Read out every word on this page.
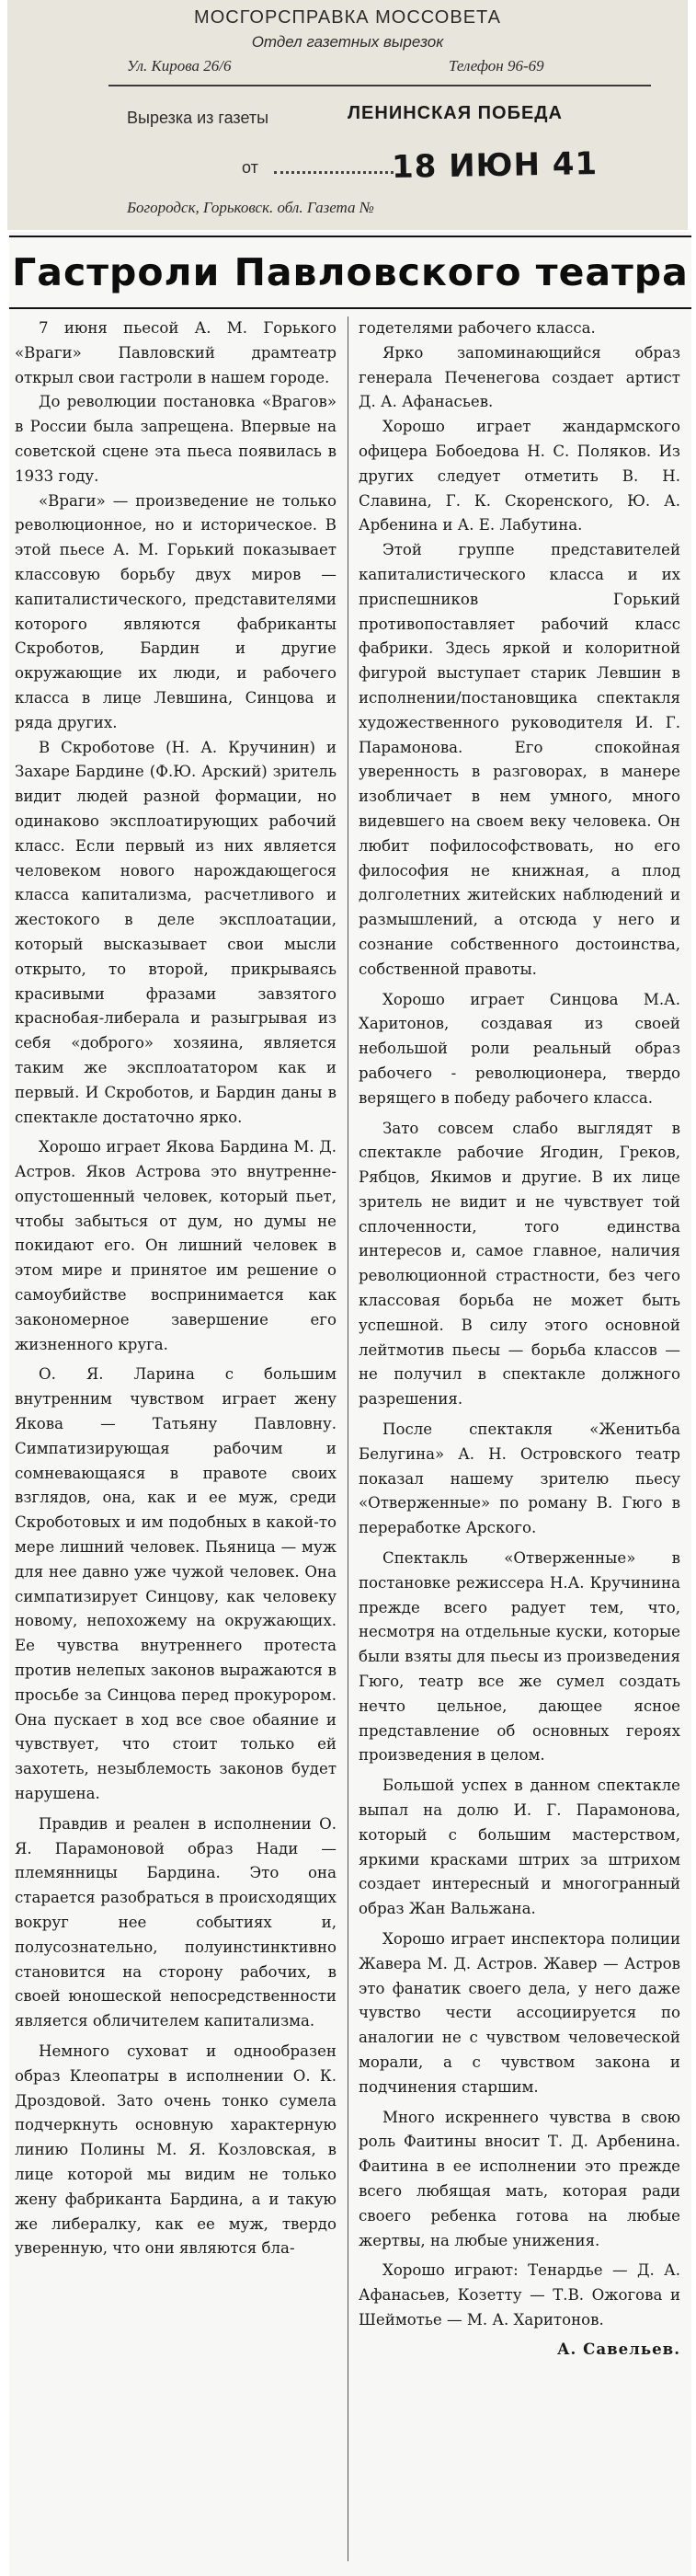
МОСГОРСПРАВКА МОССОВЕТА
Отдел газетных вырезок
Ул. Кирова 26/6	Телефон 96-69
Вырезка из газеты	ЛЕНИНСКАЯ ПОБЕДА
от	18 ИЮН 41
Богородск, Горьковск. обл. Газета №
Гастроли Павловского театра

7 июня пьесой А. М. Горького «Враги» Павловский драмтеатр открыл свои гастроли в нашем городе.

До революции постановка «Врагов» в России была запрещена. Впервые на советской сцене эта пьеса появилась в 1933 году.

«Враги» — произведение не только революционное, но и историческое. В этой пьесе А. М. Горький показывает классовую борьбу двух миров — капиталистического, представителями которого являются фабриканты Скроботов, Бардин и другие окружающие их люди, и рабочего класса в лице Левшина, Синцова и ряда других.

В Скроботове (Н. А. Кручинин) и Захаре Бардине (Ф.Ю. Арский) зритель видит людей разной формации, но одинаково эксплоатирующих рабочий класс. Если первый из них является человеком нового нарождающегося класса капитализма, расчетливого и жестокого в деле эксплоатации, который высказывает свои мысли открыто, то второй, прикрываясь красивыми фразами завзятого краснобая-либерала и разыгрывая из себя «доброго» хозяина, является таким же эксплоататором как и первый. И Скроботов, и Бардин даны в спектакле достаточно ярко.

Хорошо играет Якова Бардина М. Д. Астров. Яков Астрова это внутренне-опустошенный человек, который пьет, чтобы забыться от дум, но думы не покидают его. Он лишний человек в этом мире и принятое им решение о самоубийстве воспринимается как закономерное завершение его жизненного круга.

О. Я. Ларина с большим внутренним чувством играет жену Якова — Татьяну Павловну. Симпатизирующая рабочим и сомневающаяся в правоте своих взглядов, она, как и ее муж, среди Скроботовых и им подобных в какой-то мере лишний человек. Пьяница — муж для нее давно уже чужой человек. Она симпатизирует Синцову, как человеку новому, непохожему на окружающих. Ее чувства внутреннего протеста против нелепых законов выражаются в просьбе за Синцова перед прокурором. Она пускает в ход все свое обаяние и чувствует, что стоит только ей захотеть, незыблемость законов будет нарушена.

Правдив и реален в исполнении О. Я. Парамоновой образ Нади — племянницы Бардина. Это она старается разобраться в происходящих вокруг нее событиях и, полусознательно, полуинстинктивно становится на сторону рабочих, в своей юношеской непосредственности является обличителем капитализма.

Немного суховат и однообразен образ Клеопатры в исполнении О. К. Дроздовой. Зато очень тонко сумела подчеркнуть основную характерную линию Полины М. Я. Козловская, в лице которой мы видим не только жену фабриканта Бардина, а и такую же либералку, как ее муж, твердо уверенную, что они являются бла-

годетелями рабочего класса.

Ярко запоминающийся образ генерала Печенегова создает артист Д. А. Афанасьев.

Хорошо играет жандармского офицера Бобоедова Н. С. Поляков. Из других следует отметить В. Н. Славина, Г. К. Скоренского, Ю. А. Арбенина и А. Е. Лабутина.

Этой группе представителей капиталистического класса и их приспешников Горький противопоставляет рабочий класс фабрики. Здесь яркой и колоритной фигурой выступает старик Левшин в исполнении/постановщика спектакля художественного руководителя И. Г. Парамонова. Его спокойная уверенность в разговорах, в манере изобличает в нем умного, много видевшего на своем веку человека. Он любит пофилософствовать, но его философия не книжная, а плод долголетних житейских наблюдений и размышлений, а отсюда у него и сознание собственного достоинства, собственной правоты.

Хорошо играет Синцова М.А. Харитонов, создавая из своей небольшой роли реальный образ рабочего - революционера, твердо верящего в победу рабочего класса.

Зато совсем слабо выглядят в спектакле рабочие Ягодин, Греков, Рябцов, Якимов и другие. В их лице зритель не видит и не чувствует той сплоченности, того единства интересов и, самое главное, наличия революционной страстности, без чего классовая борьба не может быть успешной. В силу этого основной лейтмотив пьесы — борьба классов — не получил в спектакле должного разрешения.

После спектакля «Женитьба Белугина» А. Н. Островского театр показал нашему зрителю пьесу «Отверженные» по роману В. Гюго в переработке Арского.

Спектакль «Отверженные» в постановке режиссера Н.А. Кручинина прежде всего радует тем, что, несмотря на отдельные куски, которые были взяты для пьесы из произведения Гюго, театр все же сумел создать нечто цельное, дающее ясное представление об основных героях произведения в целом.

Большой успех в данном спектакле выпал на долю И. Г. Парамонова, который с большим мастерством, яркими красками штрих за штрихом создает интересный и многогранный образ Жан Вальжана.

Хорошо играет инспектора полиции Жавера М. Д. Астров. Жавер — Астров это фанатик своего дела, у него даже чувство чести ассоциируется по аналогии не с чувством человеческой морали, а с чувством закона и подчинения старшим.

Много искреннего чувства в свою роль Фаитины вносит Т. Д. Арбенина. Фаитина в ее исполнении это прежде всего любящая мать, которая ради своего ребенка готова на любые жертвы, на любые унижения.

Хорошо играют: Тенардье — Д. А. Афанасьев, Козетту — Т.В. Ожогова и Шеймотье — М. А. Харитонов.

А. Савельев.
